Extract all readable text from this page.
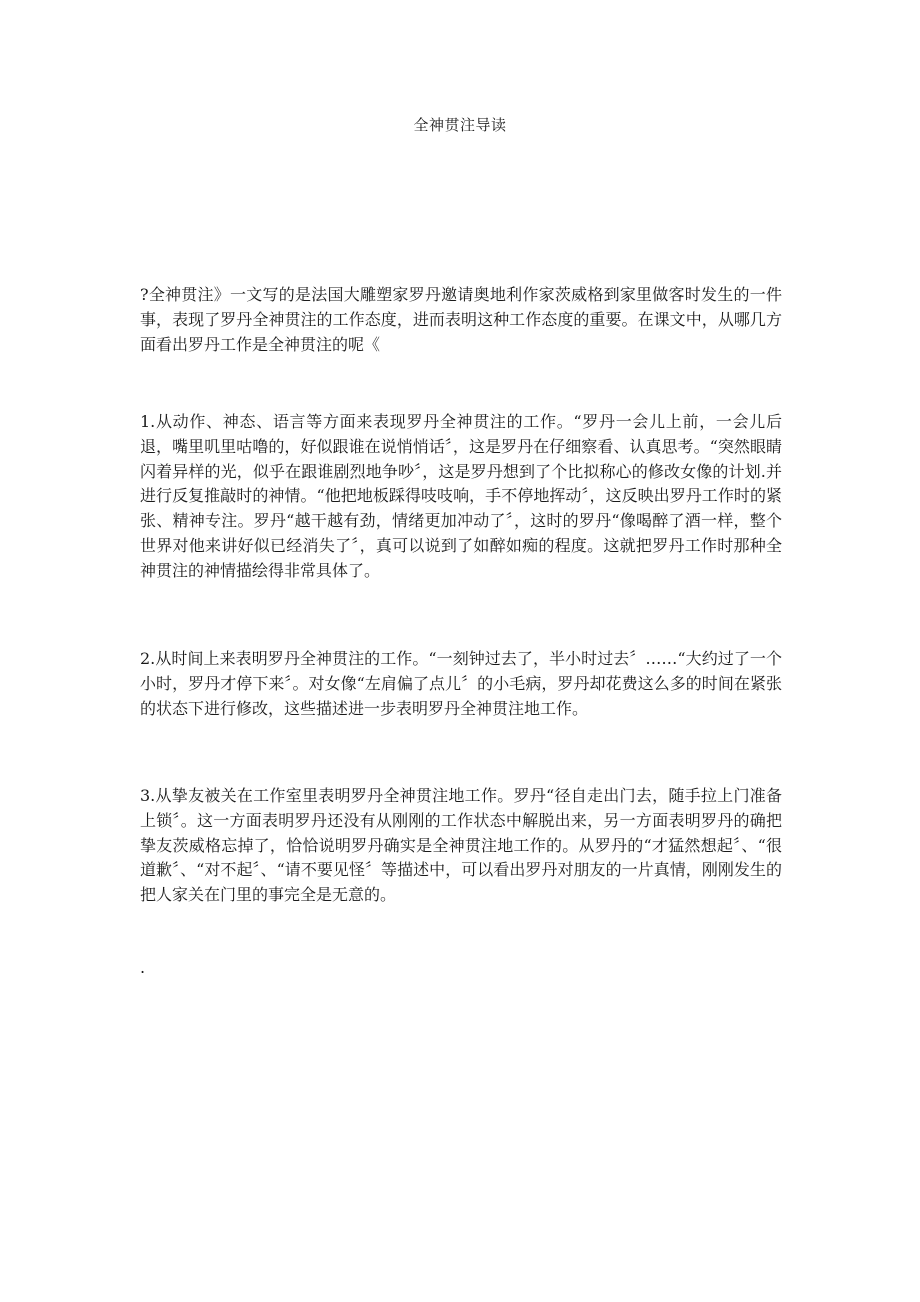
全神贯注导读

?全神贯注》一文写的是法国大雕塑家罗丹邀请奥地利作家茨威格到家里做客时发生的一件事，表现了罗丹全神贯注的工作态度，进而表明这种工作态度的重要。在课文中，从哪几方面看出罗丹工作是全神贯注的呢《

1.从动作、神态、语言等方面来表现罗丹全神贯注的工作。“罗丹一会儿上前，一会儿后退，嘴里叽里咕噜的，好似跟谁在说悄悄话〞，这是罗丹在仔细察看、认真思考。“突然眼睛闪着异样的光，似乎在跟谁剧烈地争吵〞，这是罗丹想到了个比拟称心的修改女像的计划.并进行反复推敲时的神情。“他把地板踩得吱吱响，手不停地挥动〞，这反映出罗丹工作时的紧张、精神专注。罗丹“越干越有劲，情绪更加冲动了〞，这时的罗丹“像喝醉了酒一样，整个世界对他来讲好似已经消失了〞，真可以说到了如醉如痴的程度。这就把罗丹工作时那种全神贯注的神情描绘得非常具体了。

2.从时间上来表明罗丹全神贯注的工作。“一刻钟过去了，半小时过去〞……“大约过了一个小时，罗丹才停下来〞。对女像“左肩偏了点儿〞的小毛病，罗丹却花费这么多的时间在紧张的状态下进行修改，这些描述进一步表明罗丹全神贯注地工作。

3.从挚友被关在工作室里表明罗丹全神贯注地工作。罗丹“径自走出门去，随手拉上门准备上锁〞。这一方面表明罗丹还没有从刚刚的工作状态中解脱出来，另一方面表明罗丹的确把挚友茨威格忘掉了，恰恰说明罗丹确实是全神贯注地工作的。从罗丹的“才猛然想起〞、“很道歉〞、“对不起〞、“请不要见怪〞等描述中，可以看出罗丹对朋友的一片真情，刚刚发生的把人家关在门里的事完全是无意的。

.
